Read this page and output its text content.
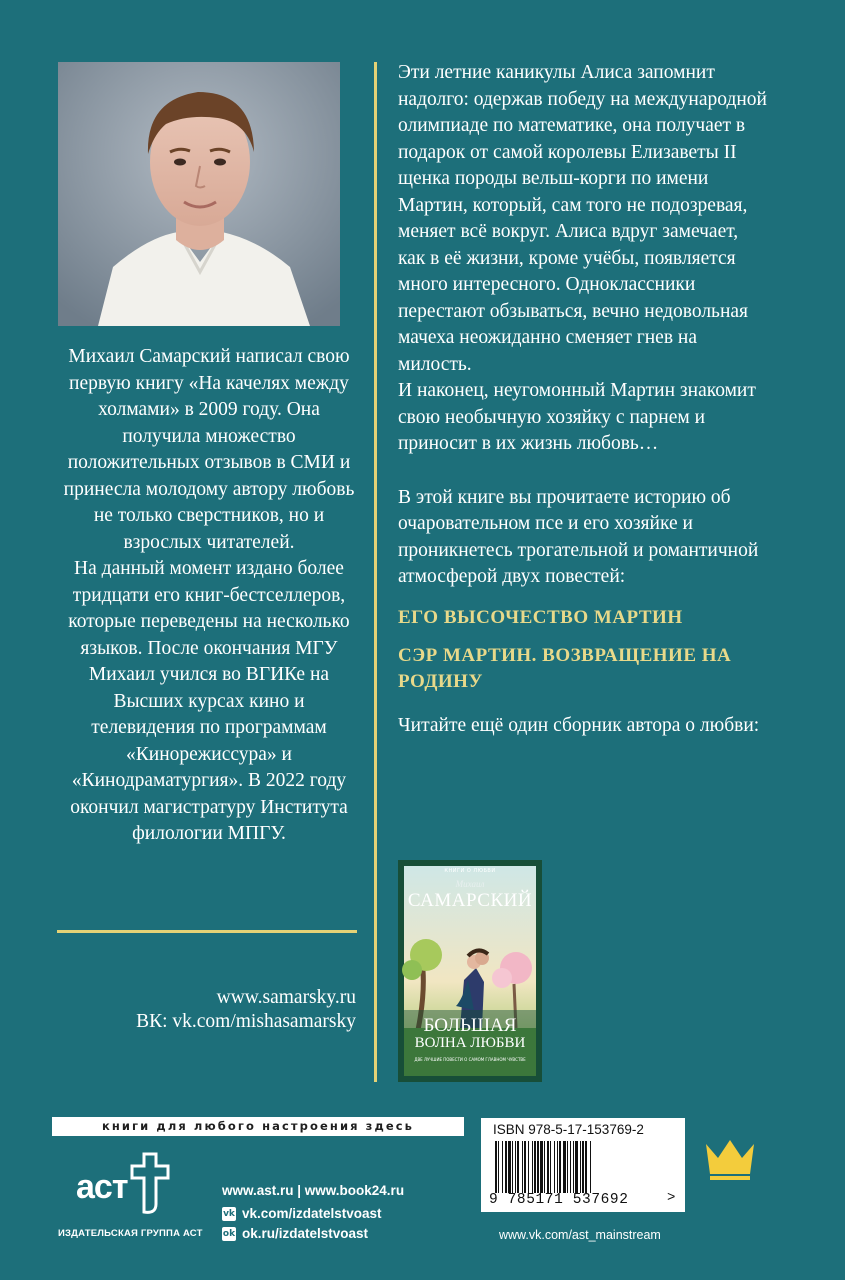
Михаил Самарский написал свою первую книгу «На качелях между холмами» в 2009 году. Она получила множество положительных отзывов в СМИ и принесла молодому автору любовь не только сверстников, но и взрослых читателей.

На данный момент издано более тридцати его книг-бестселлеров, которые переведены на несколько языков. После окончания МГУ Михаил учился во ВГИКе на Высших курсах кино и телевидения по программам «Кинорежиссура» и «Кинодраматургия». В 2022 году окончил магистратуру Института филологии МПГУ.

www.samarsky.ru
ВК: vk.com/mishasamarsky

Эти летние каникулы Алиса запомнит надолго: одержав победу на международной олимпиаде по математике, она получает в подарок от самой королевы Елизаветы II щенка породы вельш-корги по имени Мартин, который, сам того не подозревая, меняет всё вокруг. Алиса вдруг замечает, как в её жизни, кроме учёбы, появляется много интересного. Одноклассники перестают обзываться, вечно недовольная мачеха неожиданно сменяет гнев на милость.

И наконец, неугомонный Мартин знакомит свою необычную хозяйку с парнем и приносит в их жизнь любовь…

В этой книге вы прочитаете историю об очаровательном псе и его хозяйке и проникнетесь трогательной и романтичной атмосферой двух повестей:

ЕГО ВЫСОЧЕСТВО МАРТИН

СЭР МАРТИН. ВОЗВРАЩЕНИЕ НА РОДИНУ

Читайте ещё один сборник автора о любви:

КНИГИ О ЛЮБВИ
Михаил
САМАРСКИЙ
БОЛЬШАЯ
ВОЛНА ЛЮБВИ
ДВЕ ЛУЧШИЕ ПОВЕСТИ О САМОМ ГЛАВНОМ ЧУВСТВЕ
книги для любого настроения здесь
аст
ИЗДАТЕЛЬСКАЯ ГРУППА АСТ
www.ast.ru | www.book24.ru
vk vk.com/izdatelstvoast
ok ok.ru/izdatelstvoast
ISBN 978-5-17-153769-2
9 785171 537692	>
www.vk.com/ast_mainstream
